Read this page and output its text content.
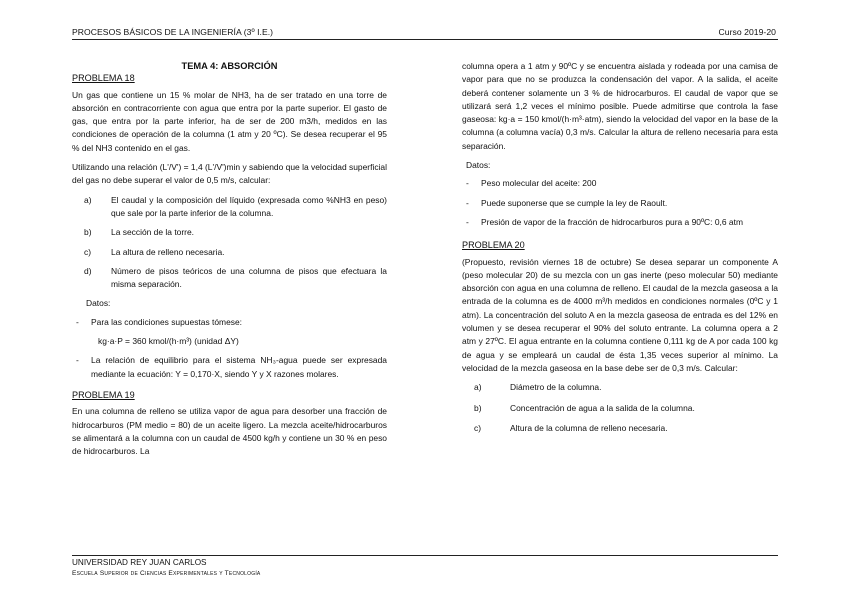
PROCESOS BÁSICOS DE LA INGENIERÍA (3º I.E.)	Curso 2019-20
TEMA 4: ABSORCIÓN
PROBLEMA 18

Un gas que contiene un 15 % molar de NH3, ha de ser tratado en una torre de absorción en contracorriente con agua que entra por la parte superior. El gasto de gas, que entra por la parte inferior, ha de ser de 200 m3/h, medidos en las condiciones de operación de la columna (1 atm y 20 ºC). Se desea recuperar el 95 % del NH3 contenido en el gas.

Utilizando una relación (L'/V') = 1,4 (L'/V')min y sabiendo que la velocidad superficial del gas no debe superar el valor de 0,5 m/s, calcular:

a) El caudal y la composición del líquido (expresada como %NH3 en peso) que sale por la parte inferior de la columna.
b) La sección de la torre.
c) La altura de relleno necesaria.
d) Número de pisos teóricos de una columna de pisos que efectuara la misma separación.
Datos:
- Para las condiciones supuestas tómese:
kg·a·P = 360 kmol/(h·m³) (unidad ΔY)
- La relación de equilibrio para el sistema NH₃-agua puede ser expresada mediante la ecuación: Y = 0,170·X, siendo Y y X razones molares.
PROBLEMA 19

En una columna de relleno se utiliza vapor de agua para desorber una fracción de hidrocarburos (PM medio = 80) de un aceite ligero. La mezcla aceite/hidrocarburos se alimentará a la columna con un caudal de 4500 kg/h y contiene un 30 % en peso de hidrocarburos. La

columna opera a 1 atm y 90ºC y se encuentra aislada y rodeada por una camisa de vapor para que no se produzca la condensación del vapor. A la salida, el aceite deberá contener solamente un 3 % de hidrocarburos. El caudal de vapor que se utilizará será 1,2 veces el mínimo posible. Puede admitirse que controla la fase gaseosa: kg·a = 150 kmol/(h·m³·atm), siendo la velocidad del vapor en la base de la columna (a columna vacía) 0,3 m/s. Calcular la altura de relleno necesaria para esta separación.

Datos:
- Peso molecular del aceite: 200
- Puede suponerse que se cumple la ley de Raoult.
- Presión de vapor de la fracción de hidrocarburos pura a 90ºC: 0,6 atm
PROBLEMA 20

(Propuesto, revisión viernes 18 de octubre) Se desea separar un componente A (peso molecular 20) de su mezcla con un gas inerte (peso molecular 50) mediante absorción con agua en una columna de relleno. El caudal de la mezcla gaseosa a la entrada de la columna es de 4000 m³/h medidos en condiciones normales (0ºC y 1 atm). La concentración del soluto A en la mezcla gaseosa de entrada es del 12% en volumen y se desea recuperar el 90% del soluto entrante. La columna opera a 2 atm y 27ºC. El agua entrante en la columna contiene 0,111 kg de A por cada 100 kg de agua y se empleará un caudal de ésta 1,35 veces superior al mínimo. La velocidad de la mezcla gaseosa en la base debe ser de 0,3 m/s. Calcular:

a)	Diámetro de la columna.
b)	Concentración de agua a la salida de la columna.
c)	Altura de la columna de relleno necesaria.
UNIVERSIDAD REY JUAN CARLOS
Escuela Superior de Ciencias Experimentales y Tecnología
